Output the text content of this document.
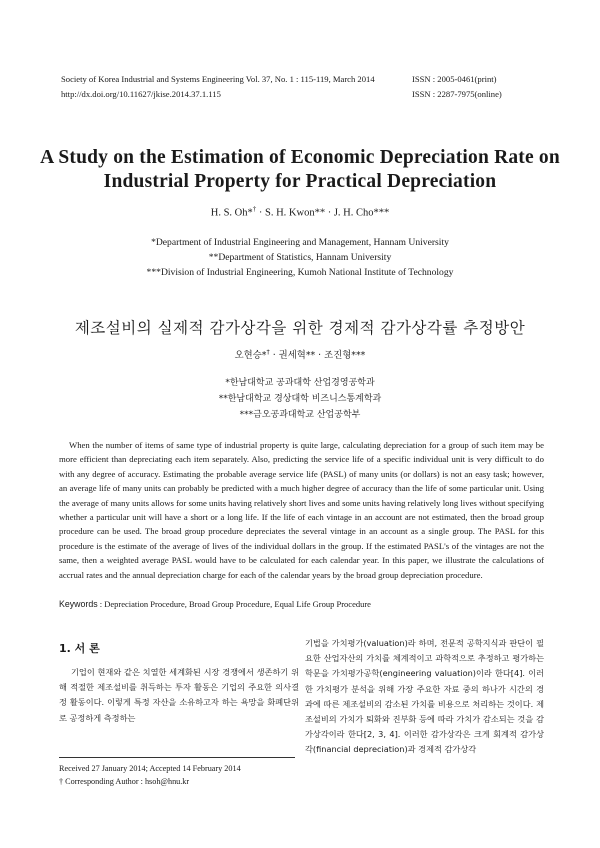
Society of Korea Industrial and Systems Engineering Vol. 37, No. 1 : 115-119, March 2014	ISSN : 2005-0461(print)
http://dx.doi.org/10.11627/jkise.2014.37.1.115	ISSN : 2287-7975(online)
A Study on the Estimation of Economic Depreciation Rate on
Industrial Property for Practical Depreciation
H. S. Oh*† · S. H. Kwon** · J. H. Cho***
*Department of Industrial Engineering and Management, Hannam University
**Department of Statistics, Hannam University
***Division of Industrial Engineering, Kumoh National Institute of Technology
제조설비의 실제적 감가상각을 위한 경제적 감가상각률 추정방안
오현승*† · 권세혁** · 조진형***
*한남대학교 공과대학 산업경영공학과
**한남대학교 경상대학 비즈니스통계학과
***금오공과대학교 산업공학부

When the number of items of same type of industrial property is quite large, calculating depreciation for a group of such item may be more efficient than depreciating each item separately. Also, predicting the service life of a specific individual unit is very difficult to do with any degree of accuracy. Estimating the probable average service life (PASL) of many units (or dollars) is not an easy task; however, an average life of many units can probably be predicted with a much higher degree of accuracy than the life of some particular unit. Using the average of many units allows for some units having relatively short lives and some units having relatively long lives without specifying whether a particular unit will have a short or a long life. If the life of each vintage in an account are not estimated, then the broad group procedure can be used. The broad group procedure depreciates the several vintage in an account as a single group. The PASL for this procedure is the estimate of the average of lives of the individual dollars in the group. If the estimated PASL's of the vintages are not the same, then a weighted average PASL would have to be calculated for each calendar year. In this paper, we illustrate the calculations of accrual rates and the annual depreciation charge for each of the calendar years by the broad group depreciation procedure.

Keywords : Depreciation Procedure, Broad Group Procedure, Equal Life Group Procedure
1. 서 론

기업이 현재와 같은 치열한 세계화된 시장 경쟁에서 생존하기 위해 적절한 제조설비를 취득하는 투자 활동은 기업의 주요한 의사결정 활동이다. 이렇게 특정 자산을 소유하고자 하는 욕망을 화폐단위로 공정하게 측정하는

기법을 가치평가(valuation)라 하며, 전문적 공학지식과 판단이 필요한 산업자산의 가치를 체계적이고 과학적으로 추정하고 평가하는 학문을 가치평가공학(engineering valuation)이라 한다[4]. 이러한 가치평가 분석을 위해 가장 주요한 자료 중의 하나가 시간의 경과에 따른 제조설비의 감소된 가치를 비용으로 처리하는 것이다. 제조설비의 가치가 퇴화와 진부화 등에 따라 가치가 감소되는 것을 감가상각이라 한다[2, 3, 4]. 이러한 감가상각은 크게 회계적 감가상각(financial depreciation)과 경제적 감가상각

Received 27 January 2014; Accepted 14 February 2014
† Corresponding Author : hsoh@hnu.kr
